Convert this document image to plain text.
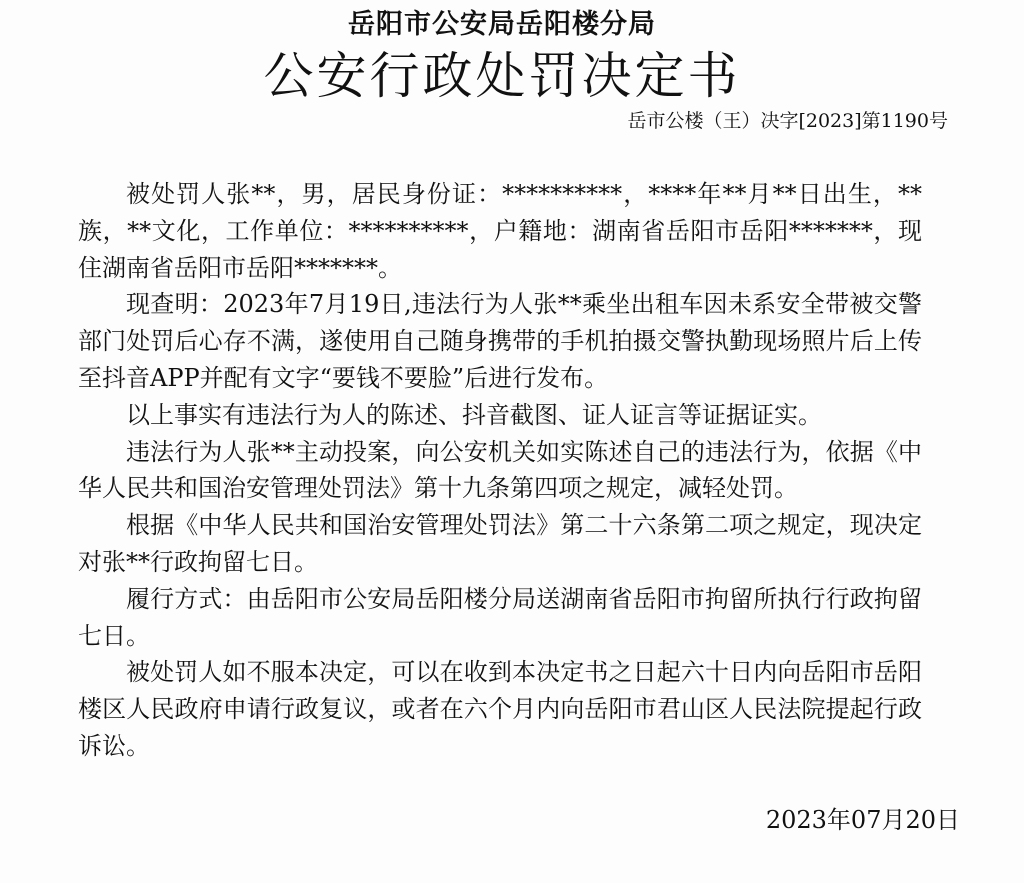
岳阳市公安局岳阳楼分局
公安行政处罚决定书
岳市公楼（王）决字[2023]第1190号

被处罚人张**，男，居民身份证：**********，****年**月**日出生，**族，**文化，工作单位：**********，户籍地：湖南省岳阳市岳阳*******，现住湖南省岳阳市岳阳*******。

现查明：2023年7月19日,违法行为人张**乘坐出租车因未系安全带被交警部门处罚后心存不满，遂使用自己随身携带的手机拍摄交警执勤现场照片后上传至抖音APP并配有文字“要钱不要脸”后进行发布。

以上事实有违法行为人的陈述、抖音截图、证人证言等证据证实。

违法行为人张**主动投案，向公安机关如实陈述自己的违法行为，依据《中华人民共和国治安管理处罚法》第十九条第四项之规定，减轻处罚。

根据《中华人民共和国治安管理处罚法》第二十六条第二项之规定，现决定对张**行政拘留七日。

履行方式：由岳阳市公安局岳阳楼分局送湖南省岳阳市拘留所执行行政拘留七日。

被处罚人如不服本决定，可以在收到本决定书之日起六十日内向岳阳市岳阳楼区人民政府申请行政复议，或者在六个月内向岳阳市君山区人民法院提起行政诉讼。

2023年07月20日
